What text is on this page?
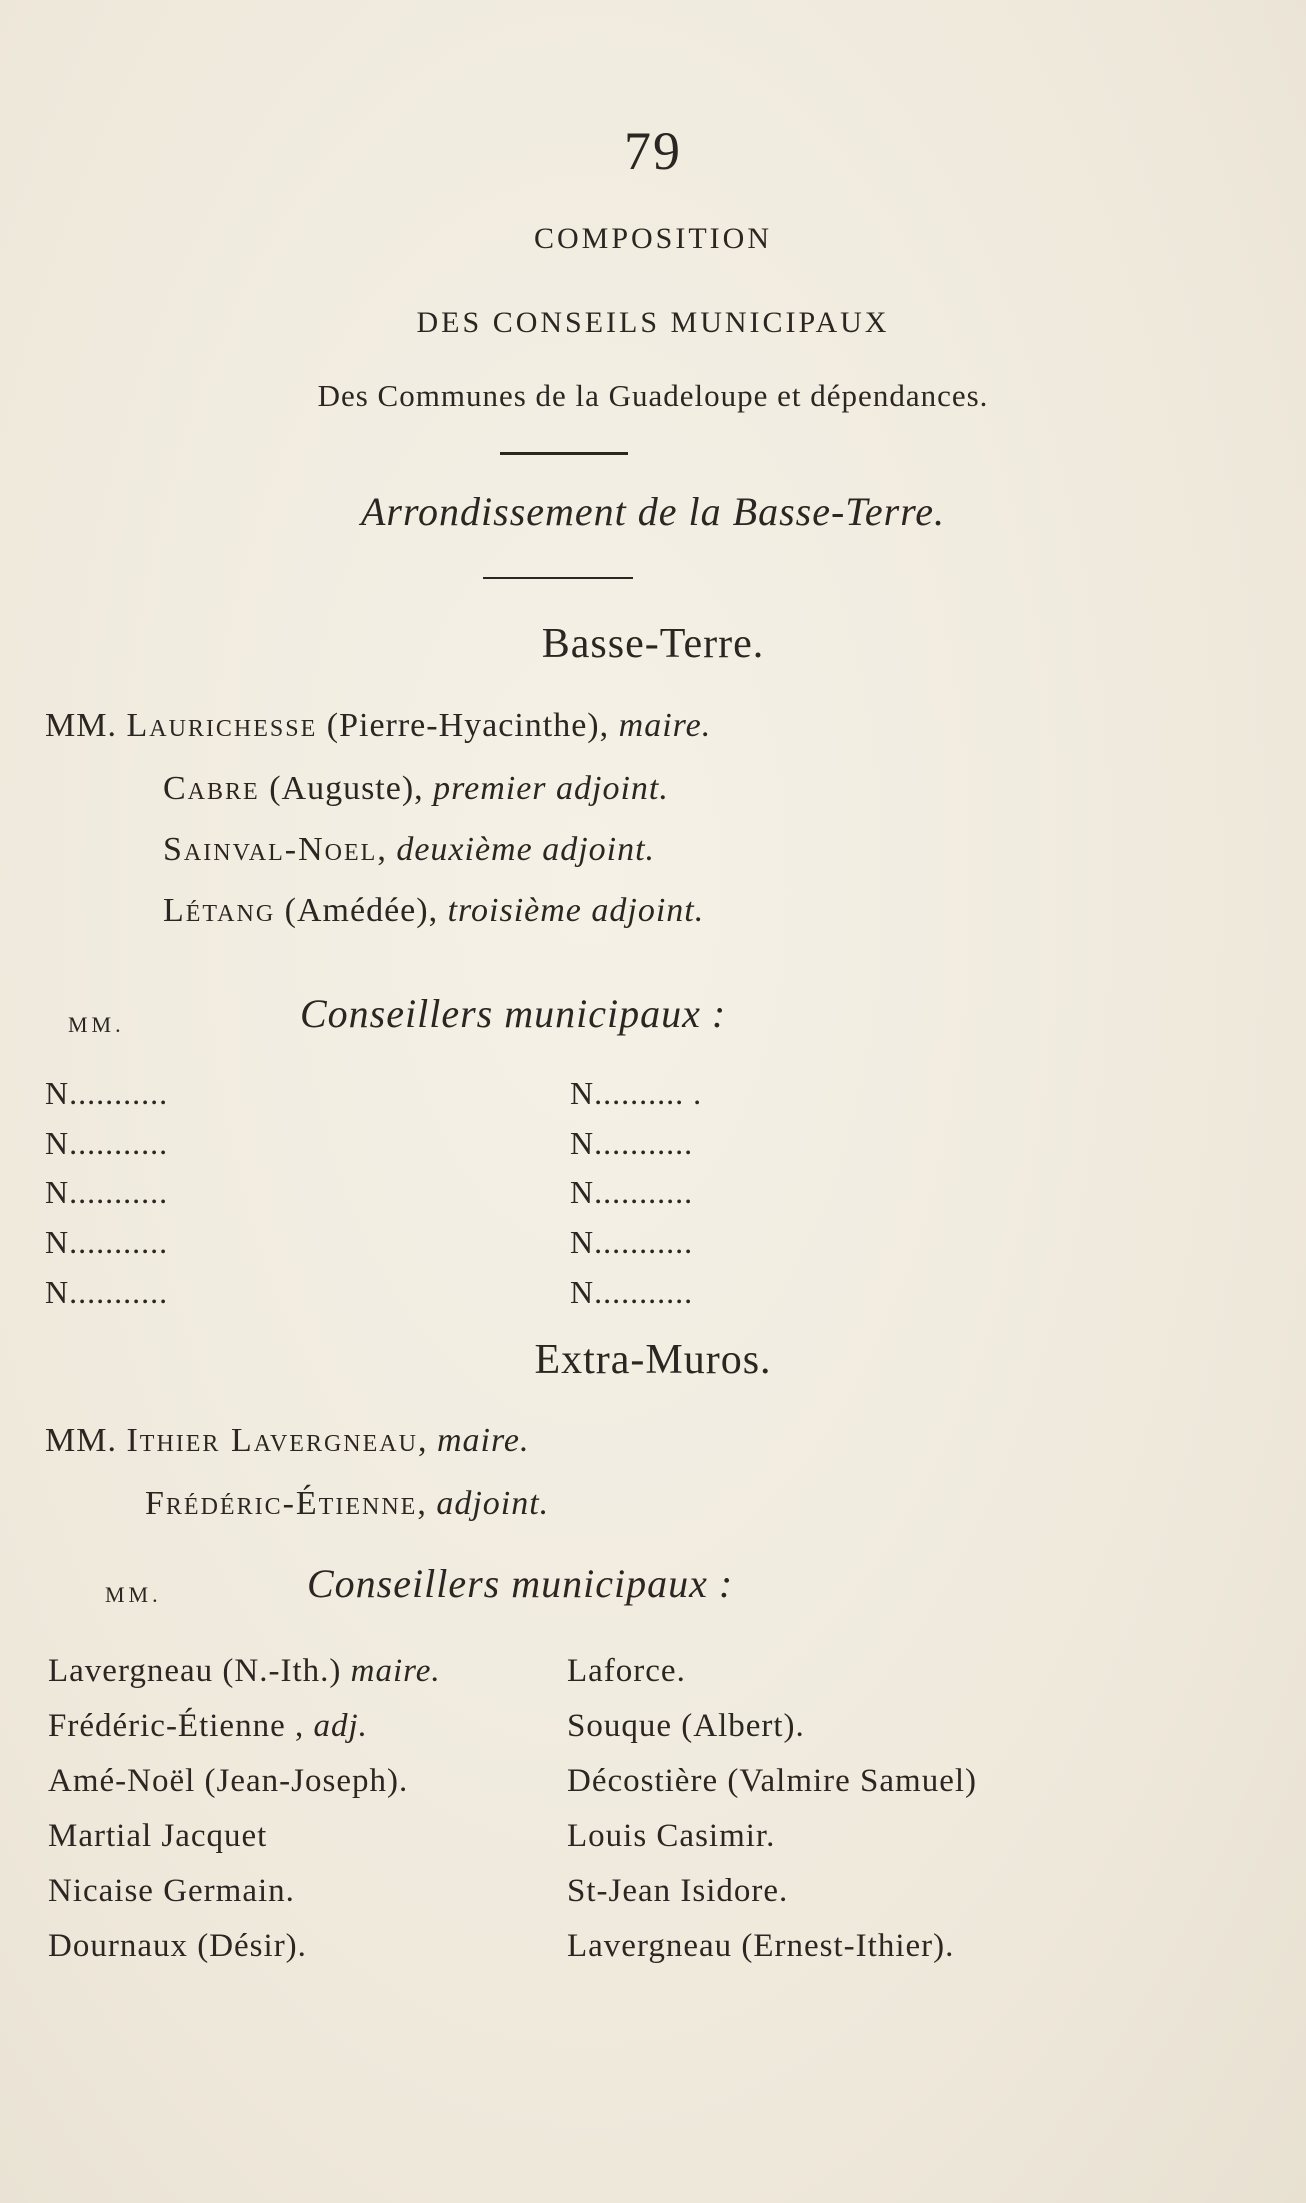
79
COMPOSITION
DES CONSEILS MUNICIPAUX
Des Communes de la Guadeloupe et dépendances.
Arrondissement de la Basse-Terre.
Basse-Terre.
MM. Laurichesse (Pierre-Hyacinthe), maire.
Cabre (Auguste), premier adjoint.
Sainval-Noel, deuxième adjoint.
Létang (Amédée), troisième adjoint.
MM.	Conseillers municipaux :
N...........
N...........
N...........
N...........
N...........
N.......... .
N...........
N...........
N...........
N...........
Extra-Muros.
MM. Ithier Lavergneau, maire.
Frédéric-Étienne, adjoint.
MM.	Conseillers municipaux :
Lavergneau (N.-Ith.) maire.
Frédéric-Étienne , adj.
Amé-Noël (Jean-Joseph).
Martial Jacquet
Nicaise Germain.
Dournaux (Désir).
Laforce.
Souque (Albert).
Décostière (Valmire Samuel)
Louis Casimir.
St-Jean Isidore.
Lavergneau (Ernest-Ithier).
